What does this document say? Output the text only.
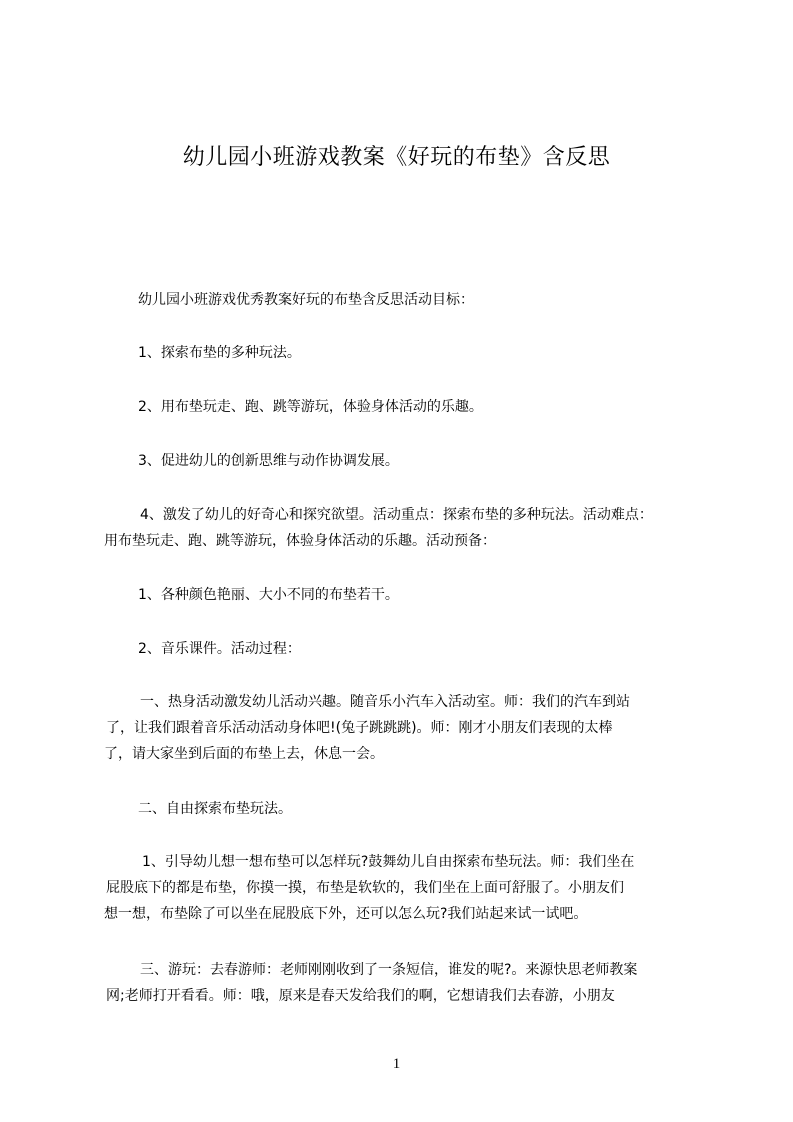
幼儿园小班游戏教案《好玩的布垫》含反思
幼儿园小班游戏优秀教案好玩的布垫含反思活动目标：
1、探索布垫的多种玩法。
2、用布垫玩走、跑、跳等游玩，体验身体活动的乐趣。
3、促进幼儿的创新思维与动作协调发展。
4、激发了幼儿的好奇心和探究欲望。活动重点：探索布垫的多种玩法。活动难点：
用布垫玩走、跑、跳等游玩，体验身体活动的乐趣。活动预备：
1、各种颜色艳丽、大小不同的布垫若干。
2、音乐课件。活动过程：
一、热身活动激发幼儿活动兴趣。随音乐小汽车入活动室。师：我们的汽车到站
了，让我们跟着音乐活动活动身体吧!(兔子跳跳跳)。师：刚才小朋友们表现的太棒
了，请大家坐到后面的布垫上去，休息一会。
二、自由探索布垫玩法。
1、引导幼儿想一想布垫可以怎样玩?鼓舞幼儿自由探索布垫玩法。师：我们坐在
屁股底下的都是布垫，你摸一摸，布垫是软软的，我们坐在上面可舒服了。小朋友们
想一想，布垫除了可以坐在屁股底下外，还可以怎么玩?我们站起来试一试吧。
三、游玩：去春游师：老师刚刚收到了一条短信，谁发的呢?。来源快思老师教案
网;老师打开看看。师：哦，原来是春天发给我们的啊，它想请我们去春游，小朋友
1
